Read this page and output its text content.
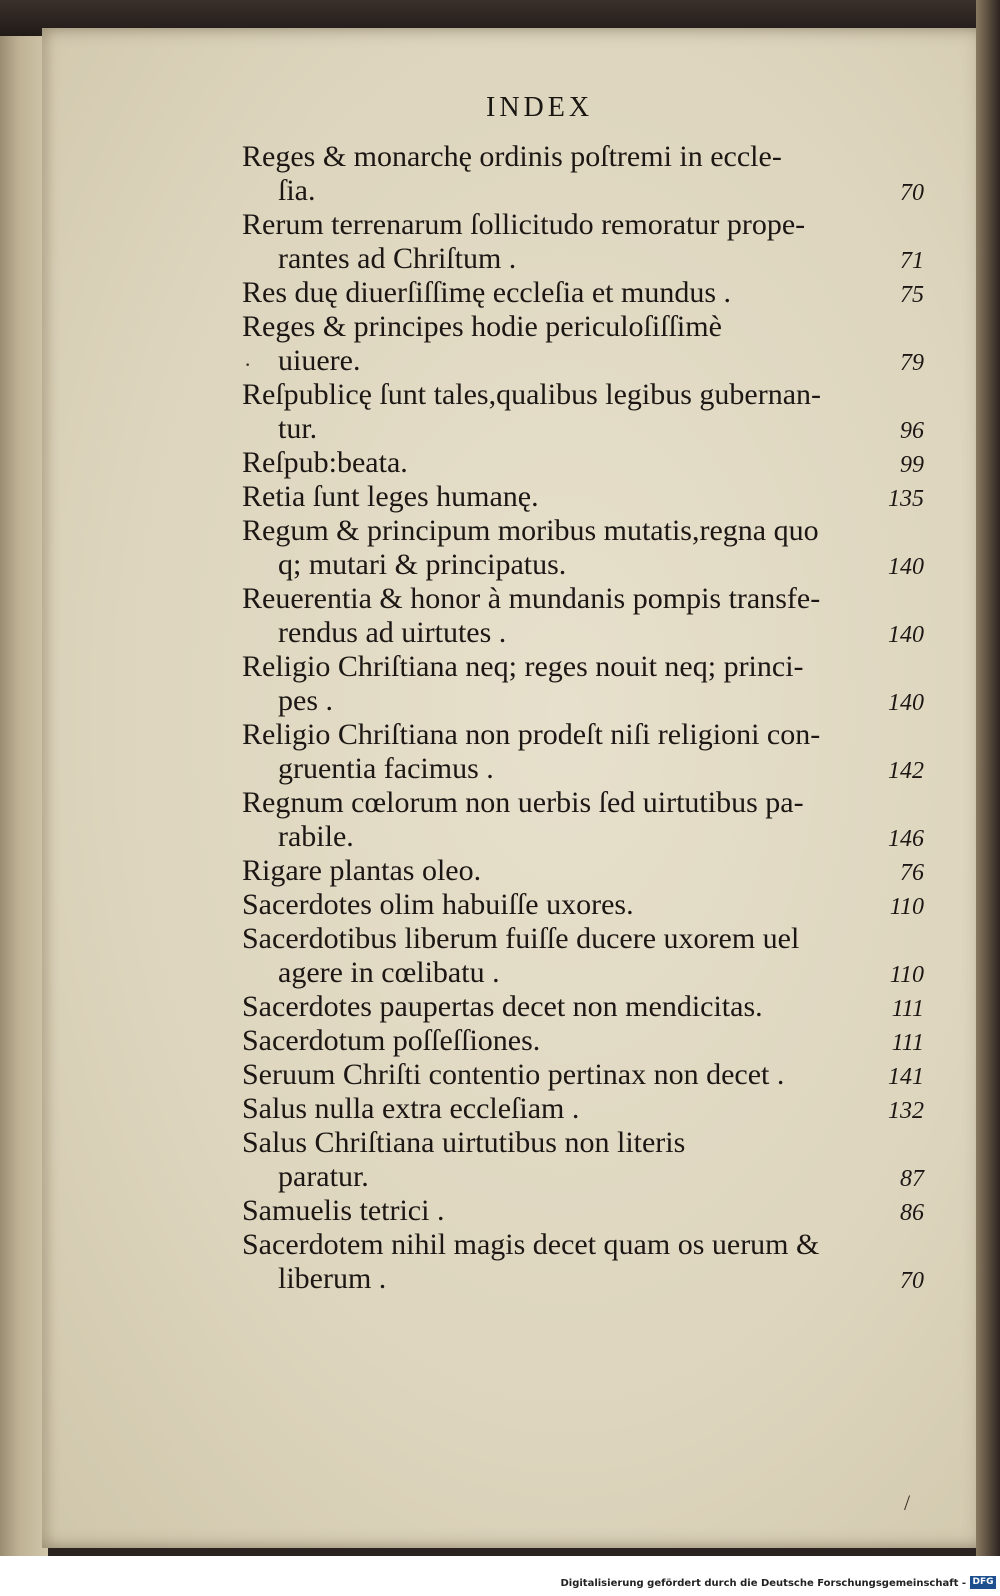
INDEX
Reges & monarchę ordinis poſtremi in eccle-
ſia.	70
Rerum terrenarum ſollicitudo remoratur prope-
rantes ad Chriſtum .	71
Res duę diuerſiſſimę eccleſia et mundus .	75
Reges & principes hodie periculoſiſſimè
uiuere.	79
Reſpublicę ſunt tales,qualibus legibus gubernan-
tur.	96
Reſpub:beata.	99
Retia ſunt leges humanę.	135
Regum & principum moribus mutatis,regna quo
q; mutari & principatus.	140
Reuerentia & honor à mundanis pompis transfe-
rendus ad uirtutes .	140
Religio Chriſtiana neq; reges nouit neq; princi-
pes .	140
Religio Chriſtiana non prodeſt niſi religioni con-
gruentia facimus .	142
Regnum cœlorum non uerbis ſed uirtutibus pa-
rabile.	146
Rigare plantas oleo.	76
Sacerdotes olim habuiſſe uxores.	110
Sacerdotibus liberum fuiſſe ducere uxorem uel
agere in cœlibatu .	110
Sacerdotes paupertas decet non mendicitas.	111
Sacerdotum poſſeſſiones.	111
Seruum Chriſti contentio pertinax non decet .	141
Salus nulla extra eccleſiam .	132
Salus Chriſtiana uirtutibus non literis
paratur.	87
Samuelis tetrici .	86
Sacerdotem nihil magis decet quam os uerum &
liberum .	70
·
/
Digitalisierung gefördert durch die Deutsche Forschungsgemeinschaft - DFG
